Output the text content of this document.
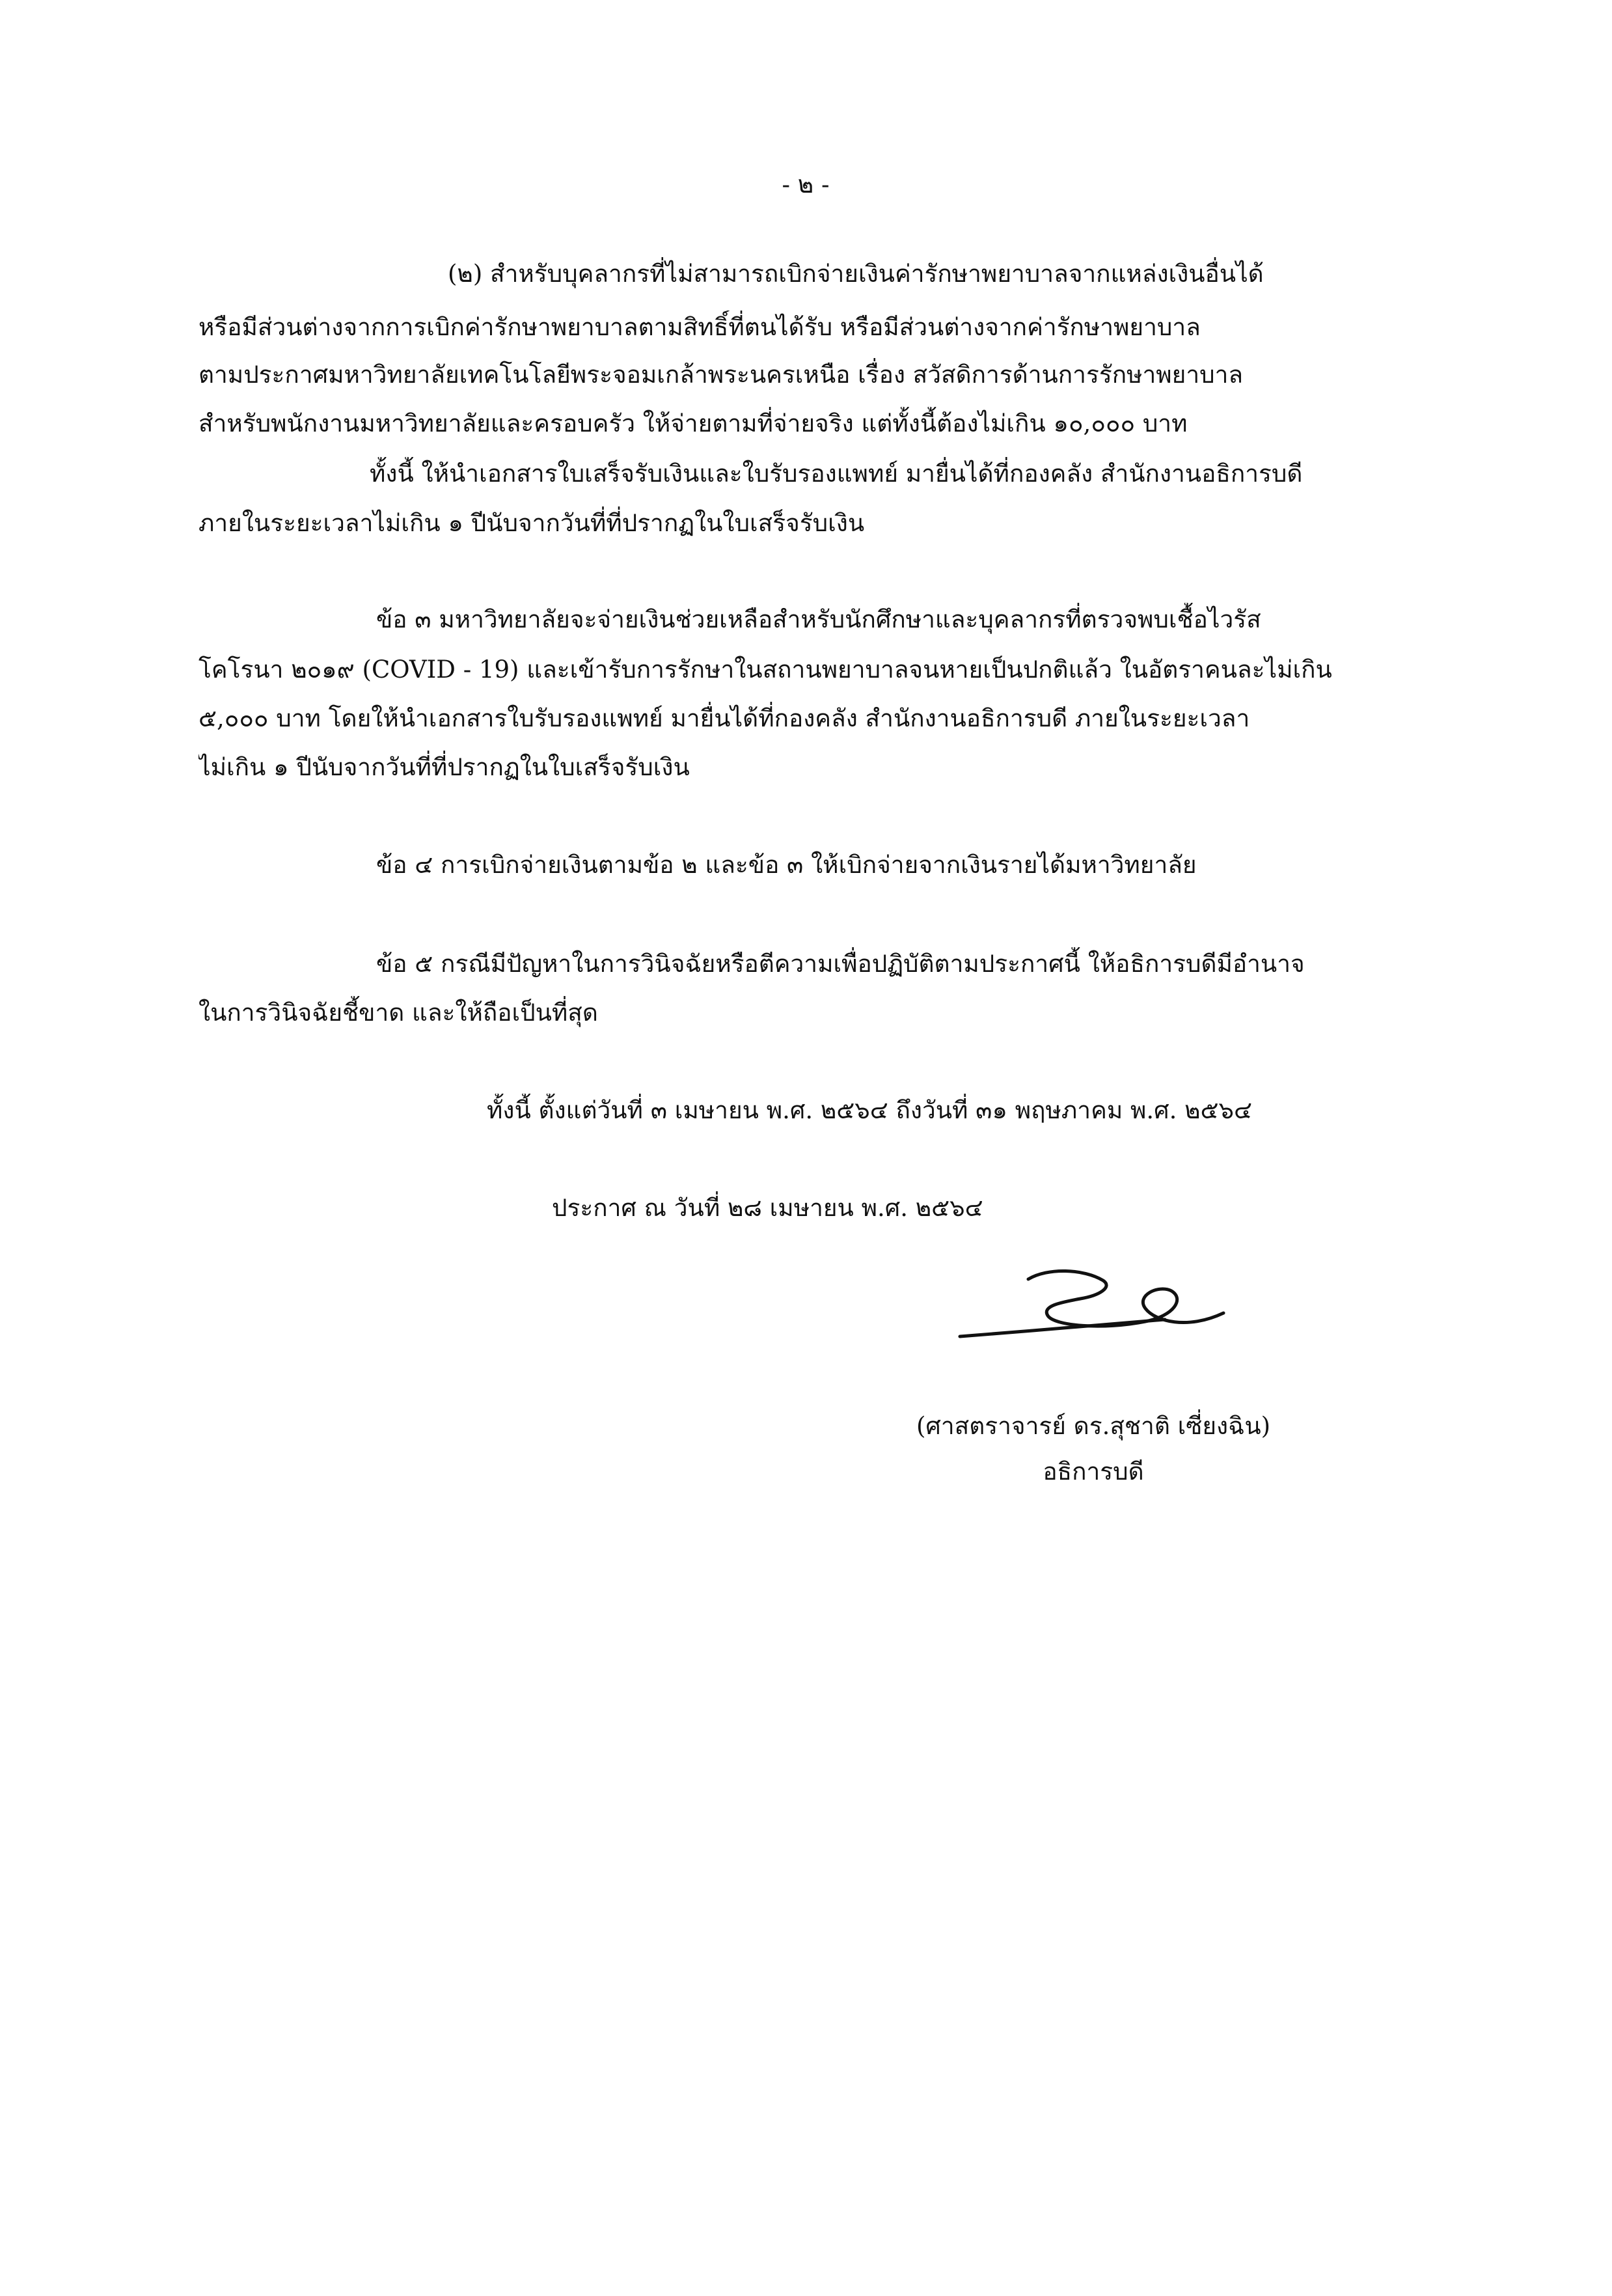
- ๒ -
(๒) สำหรับบุคลากรที่ไม่สามารถเบิกจ่ายเงินค่ารักษาพยาบาลจากแหล่งเงินอื่นได้
หรือมีส่วนต่างจากการเบิกค่ารักษาพยาบาลตามสิทธิ์ที่ตนได้รับ หรือมีส่วนต่างจากค่ารักษาพยาบาล
ตามประกาศมหาวิทยาลัยเทคโนโลยีพระจอมเกล้าพระนครเหนือ เรื่อง สวัสดิการด้านการรักษาพยาบาล
สำหรับพนักงานมหาวิทยาลัยและครอบครัว ให้จ่ายตามที่จ่ายจริง แต่ทั้งนี้ต้องไม่เกิน ๑๐,๐๐๐ บาท
ทั้งนี้ ให้นำเอกสารใบเสร็จรับเงินและใบรับรองแพทย์ มายื่นได้ที่กองคลัง สำนักงานอธิการบดี
ภายในระยะเวลาไม่เกิน ๑ ปีนับจากวันที่ที่ปรากฏในใบเสร็จรับเงิน
ข้อ ๓ มหาวิทยาลัยจะจ่ายเงินช่วยเหลือสำหรับนักศึกษาและบุคลากรที่ตรวจพบเชื้อไวรัส
โคโรนา ๒๐๑๙ (COVID - 19) และเข้ารับการรักษาในสถานพยาบาลจนหายเป็นปกติแล้ว ในอัตราคนละไม่เกิน
๕,๐๐๐ บาท โดยให้นำเอกสารใบรับรองแพทย์ มายื่นได้ที่กองคลัง สำนักงานอธิการบดี ภายในระยะเวลา
ไม่เกิน ๑ ปีนับจากวันที่ที่ปรากฏในใบเสร็จรับเงิน
ข้อ ๔ การเบิกจ่ายเงินตามข้อ ๒ และข้อ ๓ ให้เบิกจ่ายจากเงินรายได้มหาวิทยาลัย
ข้อ ๕ กรณีมีปัญหาในการวินิจฉัยหรือตีความเพื่อปฏิบัติตามประกาศนี้ ให้อธิการบดีมีอำนาจ
ในการวินิจฉัยชี้ขาด และให้ถือเป็นที่สุด
ทั้งนี้ ตั้งแต่วันที่ ๓ เมษายน พ.ศ. ๒๕๖๔ ถึงวันที่ ๓๑ พฤษภาคม พ.ศ. ๒๕๖๔
ประกาศ ณ วันที่ ๒๘ เมษายน พ.ศ. ๒๕๖๔
(ศาสตราจารย์ ดร.สุชาติ เซี่ยงฉิน)
อธิการบดี
